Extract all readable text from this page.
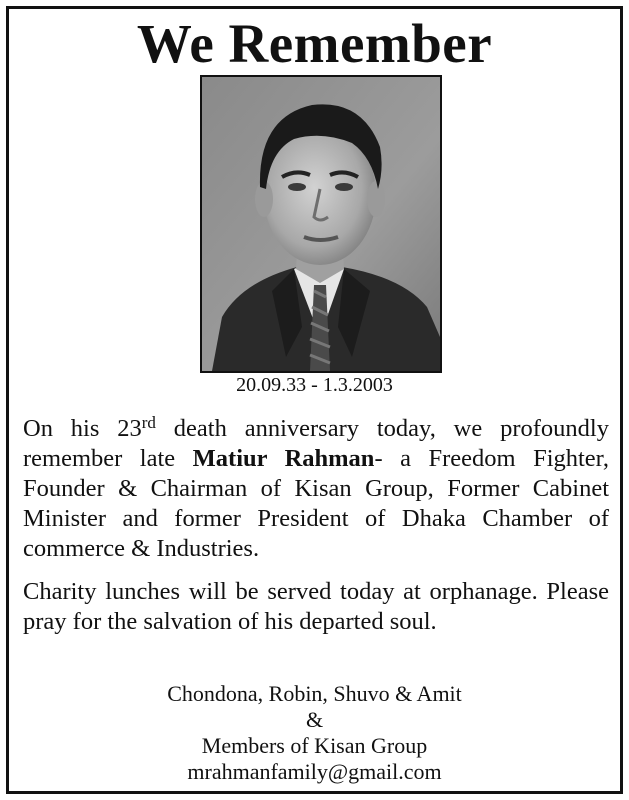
We Remember
20.09.33 - 1.3.2003
On his 23rd death anniversary today, we profoundly remember late Matiur Rahman- a Freedom Fighter, Founder & Chairman of Kisan Group, Former Cabinet Minister and former President of Dhaka Chamber of commerce & Industries.
Charity lunches will be served today at orphanage. Please pray for the salvation of his departed soul.
Chondona, Robin, Shuvo & Amit
&
Members of Kisan Group
mrahmanfamily@gmail.com
